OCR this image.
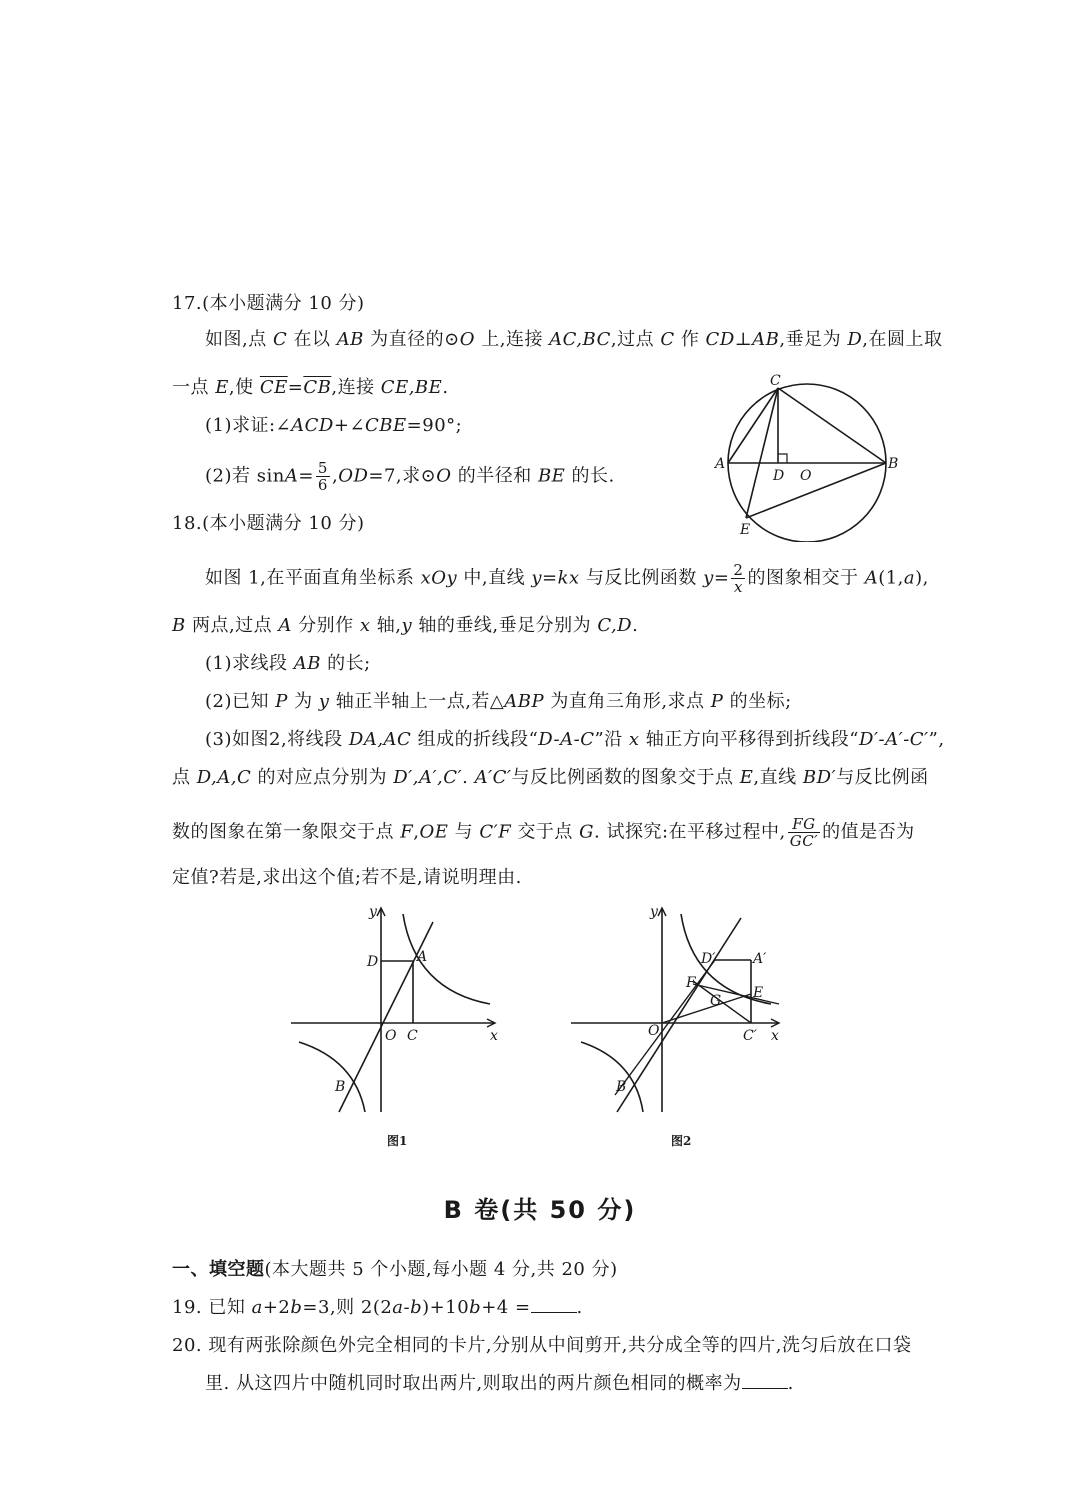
17.(本小题满分 10 分)
如图,点 C 在以 AB 为直径的⊙O 上,连接 AC,BC,过点 C 作 CD⊥AB,垂足为 D,在圆上取
一点 E,使 $\overline{CE}=\overline{CB}$,连接 CE,BE.
(1)求证:∠ACD+∠CBE=90°;
(2)若 $\sin A= \frac{5}{6} ,OD=7$,求⊙O 的半径和 BE 的长.
C
A
D O
B
E
18.(本小题满分 10 分)
如图 1,在平面直角坐标系 xOy 中,直线 y=kx 与反比例函数 $y= \frac{2}{x}$ 的图象相交于 A(1,a),
B 两点,过点 A 分别作 x 轴,y 轴的垂线,垂足分别为 C,D.
(1)求线段 AB 的长;
(2)已知 P 为 y 轴正半轴上一点,若△ABP 为直角三角形,求点 P 的坐标;
(3)如图2,将线段 DA,AC 组成的折线段“D-A-C”沿 x 轴正方向平移得到折线段“D′-A′-C′”,
点 D,A,C 的对应点分别为 D′,A′,C′. A′C′与反比例函数的图象交于点 E,直线 BD′与反比例函
数的图象在第一象限交于点 F,OE 与 C′F 交于点 G. 试探究:在平移过程中, $\frac{FG}{GC'}$ 的值是否为
定值?若是,求出这个值;若不是,请说明理由.
y
x
D	A
O C
B
图1
y
x
D′	A′
F
G E
O	C′
B
图2
B 卷(共 50 分)
一、填空题(本大题共 5 个小题,每小题 4 分,共 20 分)
19. 已知 a+2b=3,则 2(2a-b)+10b+4 =	.
20. 现有两张除颜色外完全相同的卡片,分别从中间剪开,共分成全等的四片,洗匀后放在口袋
里. 从这四片中随机同时取出两片,则取出的两片颜色相同的概率为	.
